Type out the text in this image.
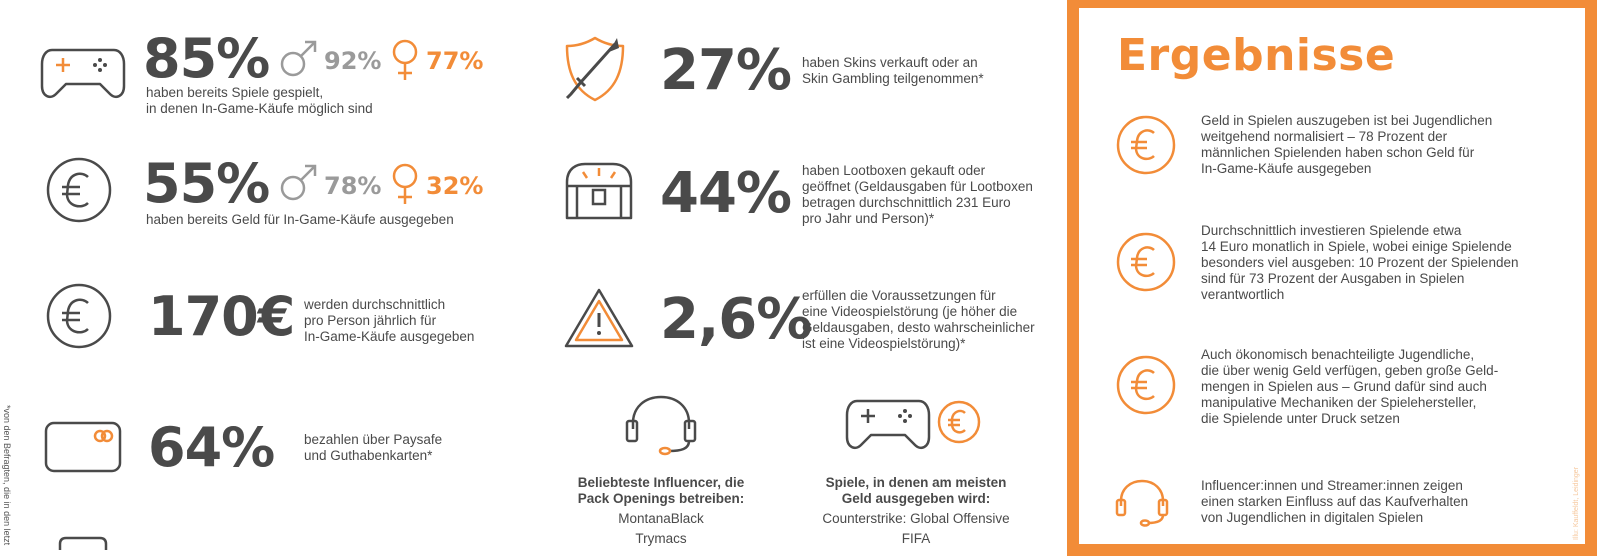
85% 92% 77%
haben bereits Spiele gespielt,
in denen In-Game-Käufe möglich sind
55% 78% 32%
haben bereits Geld für In-Game-Käufe ausgegeben
170€ werden durchschnittlich
pro Person jährlich für
In-Game-Käufe ausgegeben
64% bezahlen über Paysafe
und Guthabenkarten*
*von den Befragten, die in den letzt
27% haben Skins verkauft oder an
Skin Gambling teilgenommen*
44% haben Lootboxen gekauft oder
geöffnet (Geldausgaben für Lootboxen
betragen durchschnittlich 231 Euro
pro Jahr und Person)*
2,6%
erfüllen die Voraussetzungen für
eine Videospielstörung (je höher die
Geldausgaben, desto wahrscheinlicher
ist eine Videospielstörung)*
Beliebteste Influencer, die
Pack Openings betreiben:
MontanaBlack
Trymacs
Spiele, in denen am meisten
Geld ausgegeben wird:
Counterstrike: Global Offensive
FIFA
Ergebnisse
Geld in Spielen auszugeben ist bei Jugendlichen
weitgehend normalisiert – 78 Prozent der
männlichen Spielenden haben schon Geld für
In-Game-Käufe ausgegeben
Durchschnittlich investieren Spielende etwa
14 Euro monatlich in Spiele, wobei einige Spielende
besonders viel ausgeben: 10 Prozent der Spielenden
sind für 73 Prozent der Ausgaben in Spielen
verantwortlich
Auch ökonomisch benachteiligte Jugendliche,
die über wenig Geld verfügen, geben große Geld-
mengen in Spielen aus – Grund dafür sind auch
manipulative Mechaniken der Spielehersteller,
die Spielende unter Druck setzen
Influencer:innen und Streamer:innen zeigen
einen starken Einfluss auf das Kaufverhalten
von Jugendlichen in digitalen Spielen	Illu: Kauffeldt, Leidinger
